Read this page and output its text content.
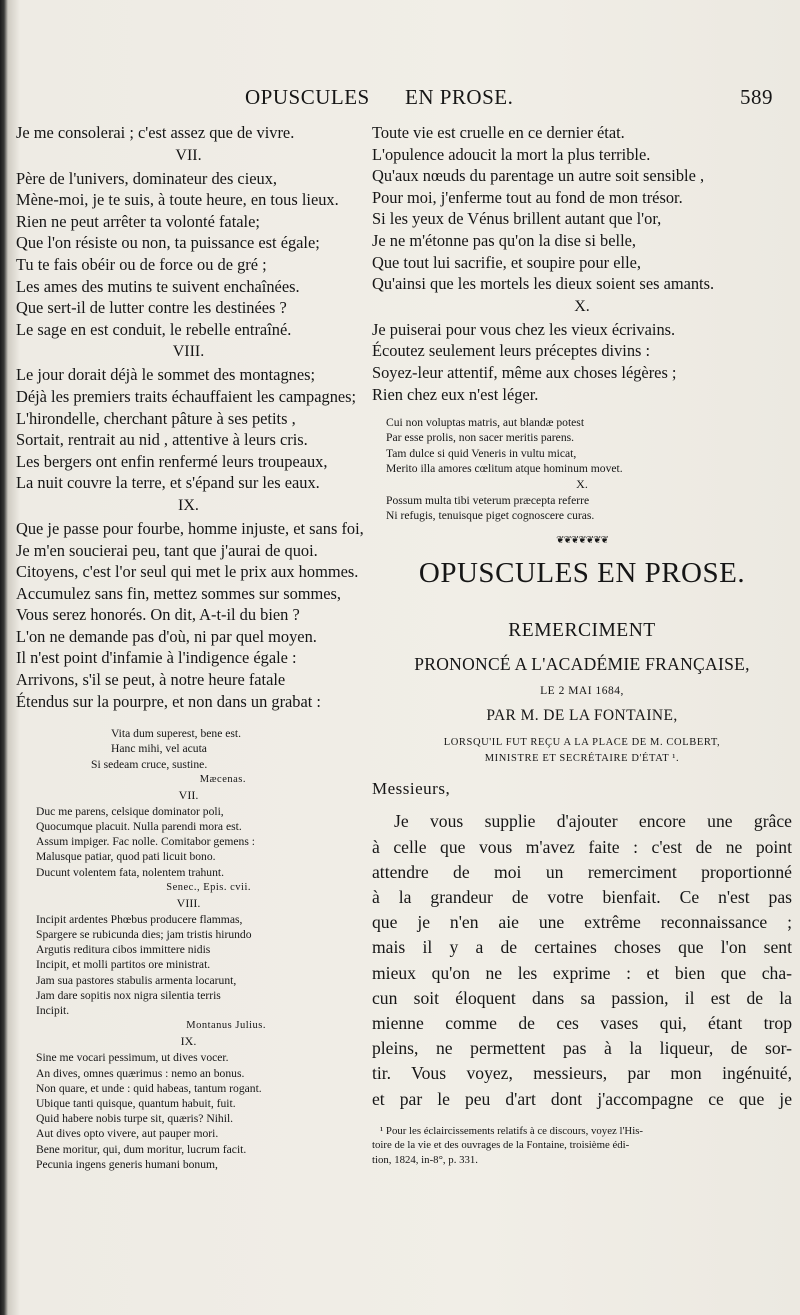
OPUSCULES EN PROSE.	589
Je me consolerai ; c'est assez que de vivre.
VII.
Père de l'univers, dominateur des cieux,
Mène-moi, je te suis, à toute heure, en tous lieux.
Rien ne peut arrêter ta volonté fatale;
Que l'on résiste ou non, ta puissance est égale;
Tu te fais obéir ou de force ou de gré ;
Les ames des mutins te suivent enchaînées.
Que sert-il de lutter contre les destinées ?
Le sage en est conduit, le rebelle entraîné.
VIII.
Le jour dorait déjà le sommet des montagnes;
Déjà les premiers traits échauffaient les campagnes;
L'hirondelle, cherchant pâture à ses petits ,
Sortait, rentrait au nid , attentive à leurs cris.
Les bergers ont enfin renfermé leurs troupeaux,
La nuit couvre la terre, et s'épand sur les eaux.
IX.
Que je passe pour fourbe, homme injuste, et sans foi,
Je m'en soucierai peu, tant que j'aurai de quoi.
Citoyens, c'est l'or seul qui met le prix aux hommes.
Accumulez sans fin, mettez sommes sur sommes,
Vous serez honorés. On dit, A-t-il du bien ?
L'on ne demande pas d'où, ni par quel moyen.
Il n'est point d'infamie à l'indigence égale :
Arrivons, s'il se peut, à notre heure fatale
Étendus sur la pourpre, et non dans un grabat :
Vita dum superest, bene est.
Hanc mihi, vel acuta
Si sedeam cruce, sustine.
Mæcenas.
VII.
Duc me parens, celsique dominator poli,
Quocumque placuit. Nulla parendi mora est.
Assum impiger. Fac nolle. Comitabor gemens :
Malusque patiar, quod pati licuit bono.
Ducunt volentem fata, nolentem trahunt.
Senec., Epis. cvii.
VIII.
Incipit ardentes Phœbus producere flammas,
Spargere se rubicunda dies; jam tristis hirundo
Argutis reditura cibos immittere nidis
Incipit, et molli partitos ore ministrat.
Jam sua pastores stabulis armenta locarunt,
Jam dare sopitis nox nigra silentia terris
Incipit.
Montanus Julius.
IX.
Sine me vocari pessimum, ut dives vocer.
An dives, omnes quærimus : nemo an bonus.
Non quare, et unde : quid habeas, tantum rogant.
Ubique tanti quisque, quantum habuit, fuit.
Quid habere nobis turpe sit, quæris? Nihil.
Aut dives opto vivere, aut pauper mori.
Bene moritur, qui, dum moritur, lucrum facit.
Pecunia ingens generis humani bonum,
Toute vie est cruelle en ce dernier état.
L'opulence adoucit la mort la plus terrible.
Qu'aux nœuds du parentage un autre soit sensible ,
Pour moi, j'enferme tout au fond de mon trésor.
Si les yeux de Vénus brillent autant que l'or,
Je ne m'étonne pas qu'on la dise si belle,
Que tout lui sacrifie, et soupire pour elle,
Qu'ainsi que les mortels les dieux soient ses amants.
X.
Je puiserai pour vous chez les vieux écrivains.
Écoutez seulement leurs préceptes divins :
Soyez-leur attentif, même aux choses légères ;
Rien chez eux n'est léger.
Cui non voluptas matris, aut blandæ potest
Par esse prolis, non sacer meritis parens.
Tam dulce si quid Veneris in vultu micat,
Merito illa amores cœlitum atque hominum movet.
X.
Possum multa tibi veterum præcepta referre
Ni refugis, tenuisque piget cognoscere curas.
❦❦❦❦❦❦❦
OPUSCULES EN PROSE.
REMERCIMENT
PRONONCÉ A L'ACADÉMIE FRANÇAISE,
LE 2 MAI 1684,
PAR M. DE LA FONTAINE,
LORSQU'IL FUT REÇU A LA PLACE DE M. COLBERT,
MINISTRE ET SECRÉTAIRE D'ÉTAT ¹.
Messieurs,
Je vous supplie d'ajouter encore une grâce
à celle que vous m'avez faite : c'est de ne point
attendre de moi un remerciment proportionné
à la grandeur de votre bienfait. Ce n'est pas
que je n'en aie une extrême reconnaissance ;
mais il y a de certaines choses que l'on sent
mieux qu'on ne les exprime : et bien que cha-
cun soit éloquent dans sa passion, il est de la
mienne comme de ces vases qui, étant trop
pleins, ne permettent pas à la liqueur, de sor-
tir. Vous voyez, messieurs, par mon ingénuité,
et par le peu d'art dont j'accompagne ce que je
¹ Pour les éclaircissements relatifs à ce discours, voyez l'His-
toire de la vie et des ouvrages de la Fontaine, troisième édi-
tion, 1824, in-8°, p. 331.
